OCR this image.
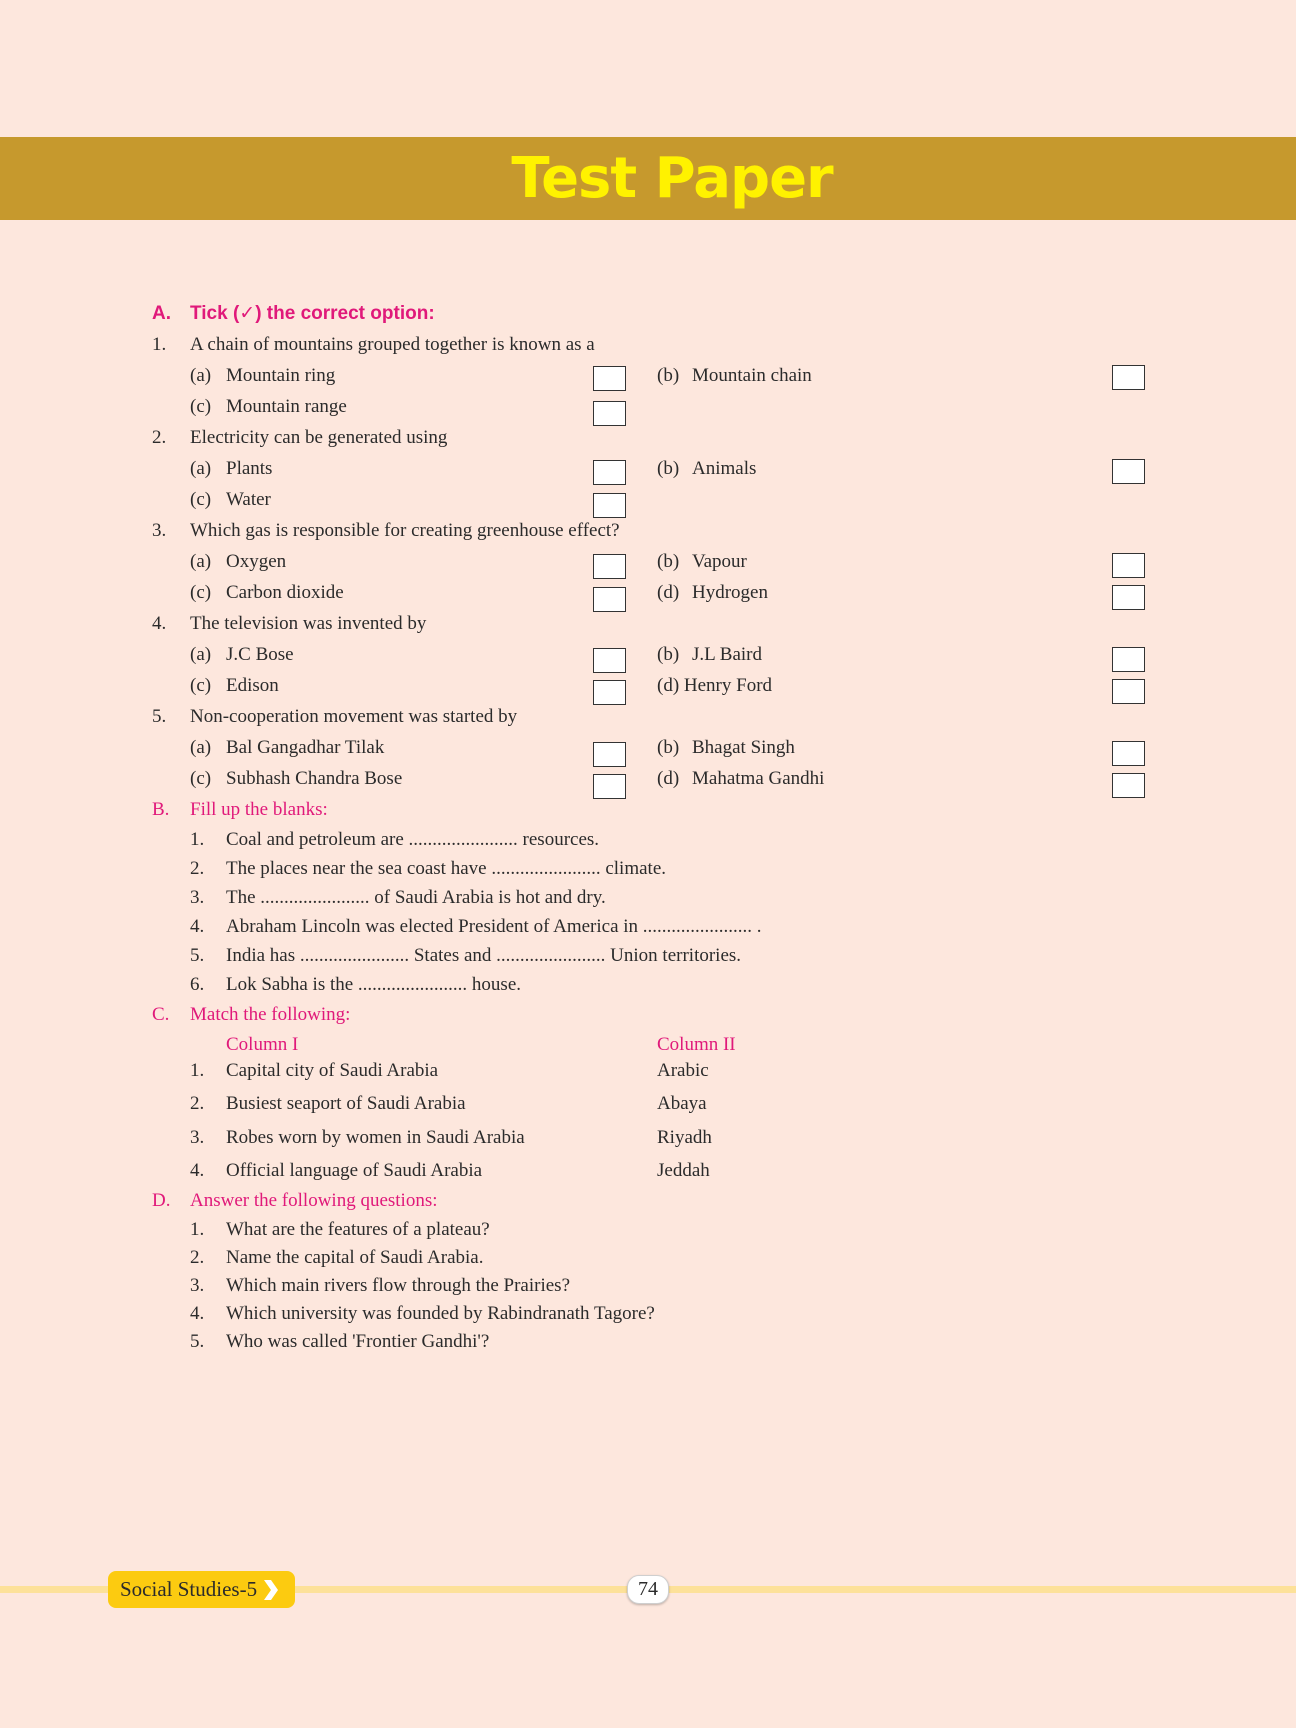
Test Paper
A. Tick (✓) the correct option:
1. A chain of mountains grouped together is known as a
(a) Mountain ring	(b) Mountain chain
(c) Mountain range
2. Electricity can be generated using
(a) Plants	(b) Animals
(c) Water
3. Which gas is responsible for creating greenhouse effect?
(a) Oxygen	(b) Vapour
(c) Carbon dioxide	(d) Hydrogen
4. The television was invented by
(a) J.C Bose	(b) J.L Baird
(c) Edison	(d) Henry Ford
5. Non-cooperation movement was started by
(a) Bal Gangadhar Tilak	(b) Bhagat Singh
(c) Subhash Chandra Bose	(d) Mahatma Gandhi
B. Fill up the blanks:
1. Coal and petroleum are ....................... resources.
2. The places near the sea coast have ....................... climate.
3. The ....................... of Saudi Arabia is hot and dry.
4. Abraham Lincoln was elected President of America in ....................... .
5. India has ....................... States and ....................... Union territories.
6. Lok Sabha is the ....................... house.
C. Match the following:
Column I	Column II
1. Capital city of Saudi Arabia	Arabic
2. Busiest seaport of Saudi Arabia	Abaya
3. Robes worn by women in Saudi Arabia	Riyadh
4. Official language of Saudi Arabia	Jeddah
D. Answer the following questions:
1. What are the features of a plateau?
2. Name the capital of Saudi Arabia.
3. Which main rivers flow through the Prairies?
4. Which university was founded by Rabindranath Tagore?
5. Who was called 'Frontier Gandhi'?
Social Studies-5	74
